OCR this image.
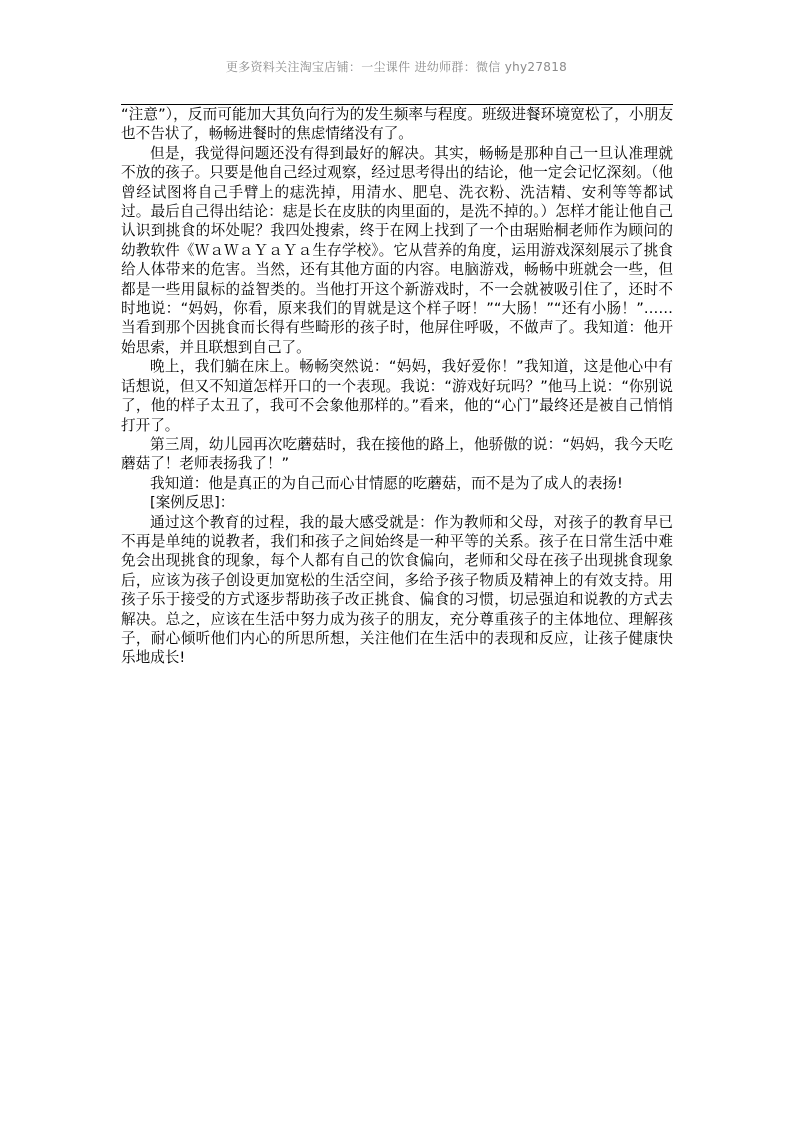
更多资料关注淘宝店铺：一尘课件 进幼师群：微信 yhy27818

“注意”），反而可能加大其负向行为的发生频率与程度。班级进餐环境宽松了，小朋友也不告状了，畅畅进餐时的焦虑情绪没有了。

但是，我觉得问题还没有得到最好的解决。其实，畅畅是那种自己一旦认准理就不放的孩子。只要是他自己经过观察，经过思考得出的结论，他一定会记忆深刻。（他曾经试图将自己手臂上的痣洗掉，用清水、肥皂、洗衣粉、洗洁精、安利等等都试过。最后自己得出结论：痣是长在皮肤的肉里面的，是洗不掉的。）怎样才能让他自己认识到挑食的坏处呢？我四处搜索，终于在网上找到了一个由琚贻桐老师作为顾问的幼教软件《ＷａＷａＹａＹａ生存学校》。它从营养的角度，运用游戏深刻展示了挑食给人体带来的危害。当然，还有其他方面的内容。电脑游戏，畅畅中班就会一些，但都是一些用鼠标的益智类的。当他打开这个新游戏时，不一会就被吸引住了，还时不时地说：“妈妈，你看，原来我们的胃就是这个样子呀！”“大肠！”“还有小肠！”……当看到那个因挑食而长得有些畸形的孩子时，他屏住呼吸，不做声了。我知道：他开始思索，并且联想到自己了。

晚上，我们躺在床上。畅畅突然说：“妈妈，我好爱你！”我知道，这是他心中有话想说，但又不知道怎样开口的一个表现。我说：“游戏好玩吗？”他马上说：“你别说了，他的样子太丑了，我可不会象他那样的。”看来，他的“心门”最终还是被自己悄悄打开了。

第三周，幼儿园再次吃蘑菇时，我在接他的路上，他骄傲的说：“妈妈，我今天吃蘑菇了！老师表扬我了！”

我知道：他是真正的为自己而心甘情愿的吃蘑菇，而不是为了成人的表扬!

[案例反思]：

通过这个教育的过程，我的最大感受就是：作为教师和父母，对孩子的教育早已不再是单纯的说教者，我们和孩子之间始终是一种平等的关系。孩子在日常生活中难免会出现挑食的现象，每个人都有自己的饮食偏向，老师和父母在孩子出现挑食现象后，应该为孩子创设更加宽松的生活空间，多给予孩子物质及精神上的有效支持。用孩子乐于接受的方式逐步帮助孩子改正挑食、偏食的习惯，切忌强迫和说教的方式去解决。总之，应该在生活中努力成为孩子的朋友，充分尊重孩子的主体地位、理解孩子，耐心倾听他们内心的所思所想，关注他们在生活中的表现和反应，让孩子健康快乐地成长!
